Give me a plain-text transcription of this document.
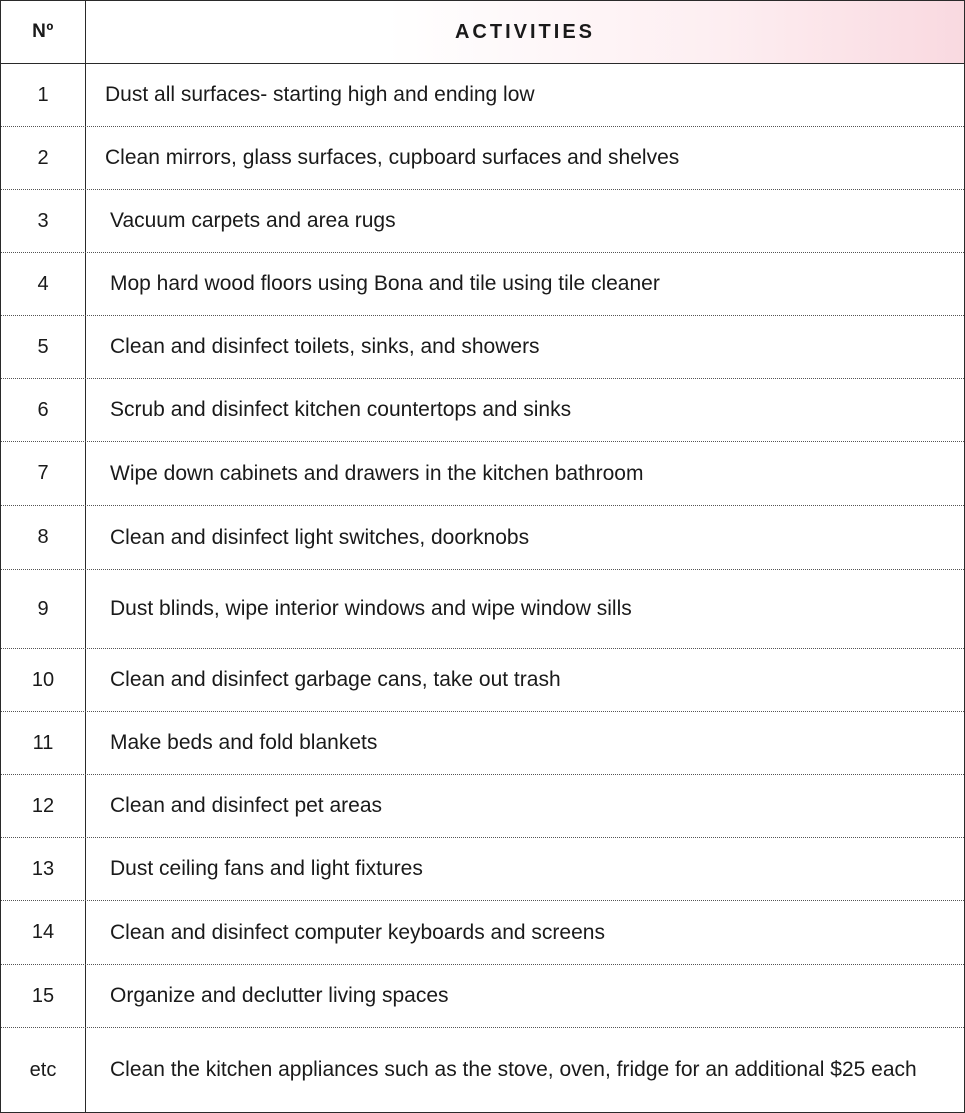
Nº	ACTIVITIES
1	Dust all surfaces- starting high and ending low
2	Clean mirrors, glass surfaces, cupboard surfaces and shelves
3	Vacuum carpets and area rugs
4	Mop hard wood floors using Bona and tile using tile cleaner
5	Clean and disinfect toilets, sinks, and showers
6	Scrub and disinfect kitchen countertops and sinks
7	Wipe down cabinets and drawers in the kitchen bathroom
8	Clean and disinfect light switches, doorknobs
9	Dust blinds, wipe interior windows and wipe window sills
10	Clean and disinfect garbage cans, take out trash
11	Make beds and fold blankets
12	Clean and disinfect pet areas
13	Dust ceiling fans and light fixtures
14	Clean and disinfect computer keyboards and screens
15	Organize and declutter living spaces
etc	Clean the kitchen appliances such as the stove, oven, fridge for an additional $25 each
